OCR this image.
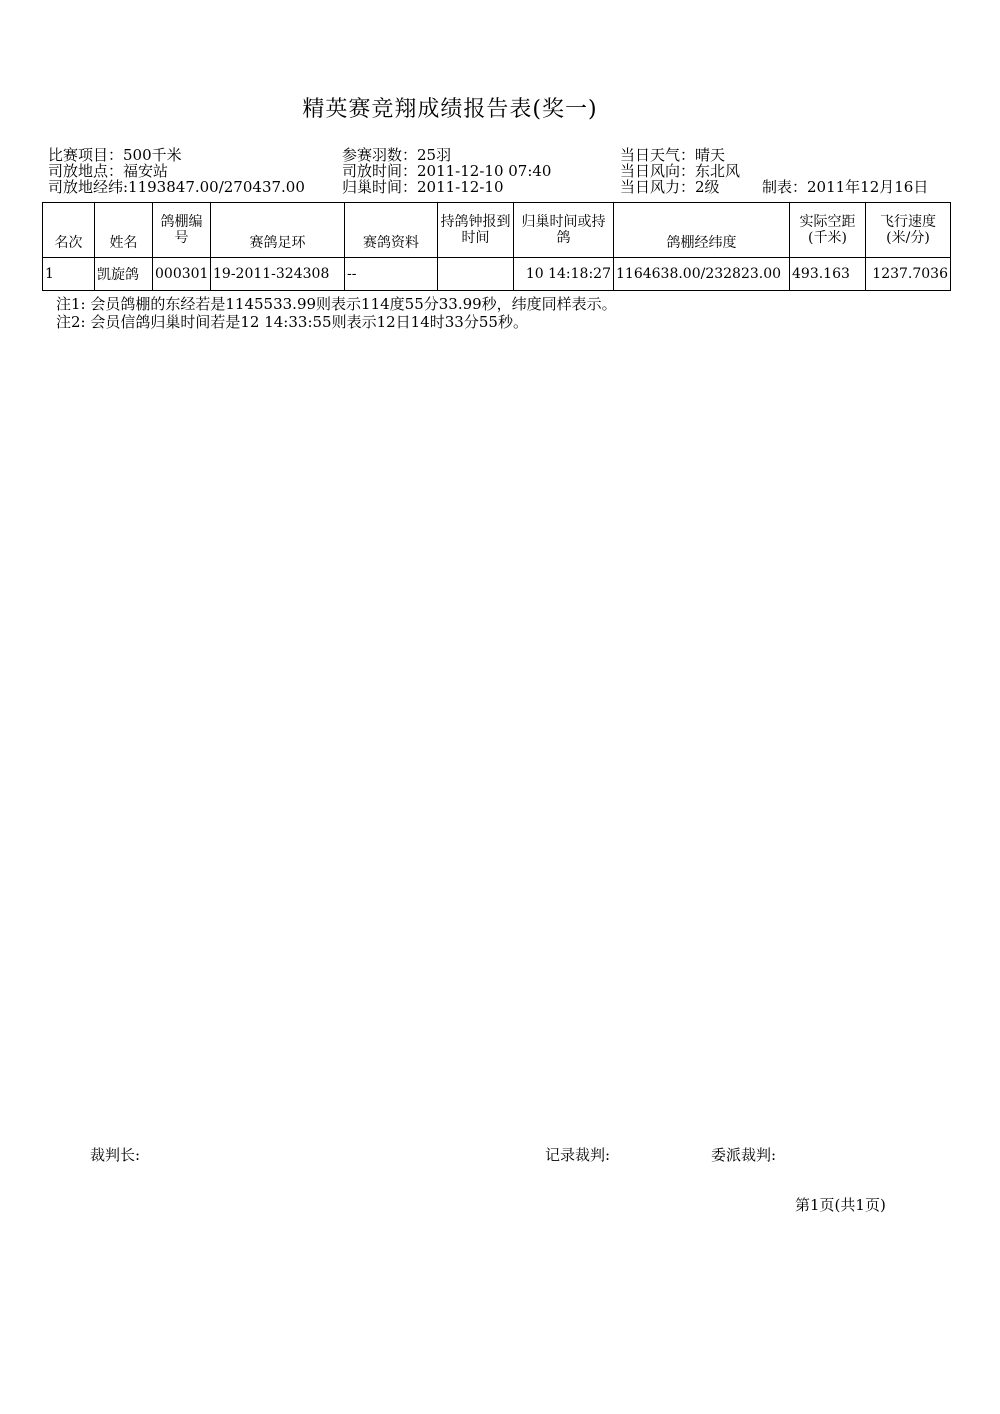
精英赛竞翔成绩报告表(奖一)
比赛项目：500千米
司放地点：福安站
司放地经纬:1193847.00/270437.00
参赛羽数：25羽
司放时间：2011-12-10 07:40
归巢时间：2011-12-10
当日天气：晴天
当日风向：东北风
当日风力：2级	制表：2011年12月16日
名次	姓名	鸽棚编号	赛鸽足环	赛鸽资料	持鸽钟报到时间	归巢时间或持鸽	鸽棚经纬度	实际空距(千米)	飞行速度(米/分)
1	凯旋鸽	000301	19-2011-324308	--		10 14:18:27	1164638.00/232823.00	493.163	1237.7036
注1: 会员鸽棚的东经若是1145533.99则表示114度55分33.99秒，纬度同样表示。
注2: 会员信鸽归巢时间若是12 14:33:55则表示12日14时33分55秒。
裁判长:	记录裁判:	委派裁判:
第1页(共1页)
